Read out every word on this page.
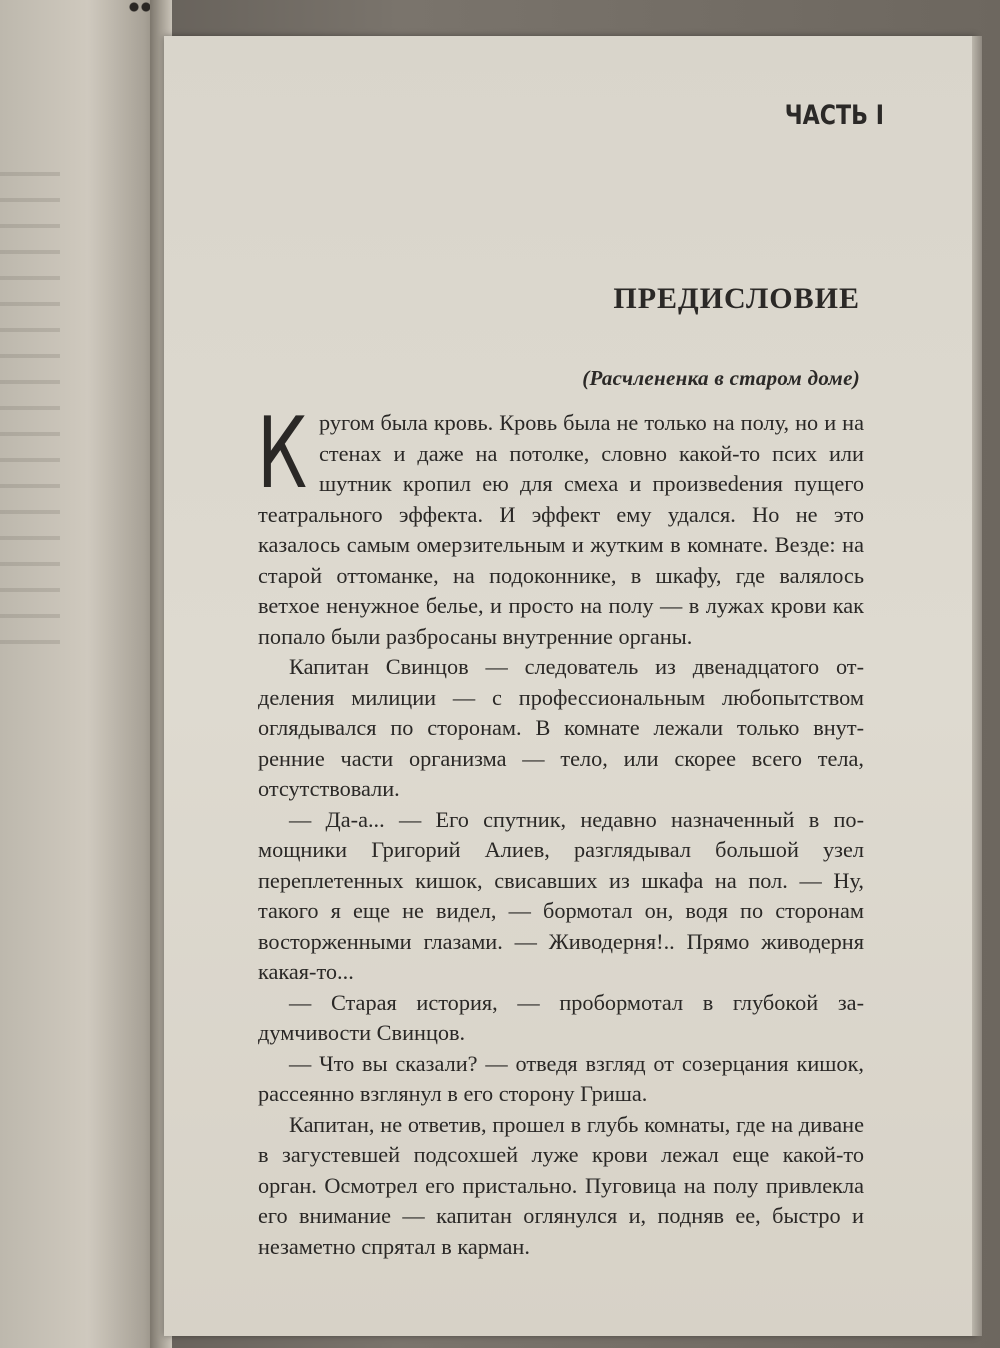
ЧАСТЬ I
ПРЕДИСЛОВИЕ
(Расчлененка в старом доме)

Кругом была кровь. Кровь была не только на полу, но и на стенах и даже на потолке, словно какой-то псих или шутник кропил ею для смеха и произвеdения пущего театрального эффекта. И эффект ему удался. Но не это казалось самым омерзительным и жутким в комнате. Везде: на старой оттоманке, на подоконнике, в шкафу, где валялось ветхое ненужное белье, и просто на полу — в лужах крови как попало были разбросаны внутренние органы.

Капитан Свинцов — следователь из двенадцатого отделения милиции — с профессиональным любопытством оглядывался по сторонам. В комнате лежали только внутренние части организма — тело, или скорее всего тела, отсутствовали.

— Да-а... — Его спутник, недавно назначенный в помощники Григорий Алиев, разглядывал большой узел переплетенных кишок, свисавших из шкафа на пол. — Ну, такого я еще не видел, — бормотал он, водя по сторонам восторженными глазами. — Живодерня!.. Прямо живодерня какая-то...

— Старая история, — пробормотал в глубокой задумчивости Свинцов.

— Что вы сказали? — отведя взгляд от созерцания кишок, рассеянно взглянул в его сторону Гриша.

Капитан, не ответив, прошел в глубь комнаты, где на диване в загустевшей подсохшей луже крови лежал еще какой-то орган. Осмотрел его пристально. Пуговица на полу привлекла его внимание — капитан оглянулся и, подняв ее, быстро и незаметно спрятал в карман.
